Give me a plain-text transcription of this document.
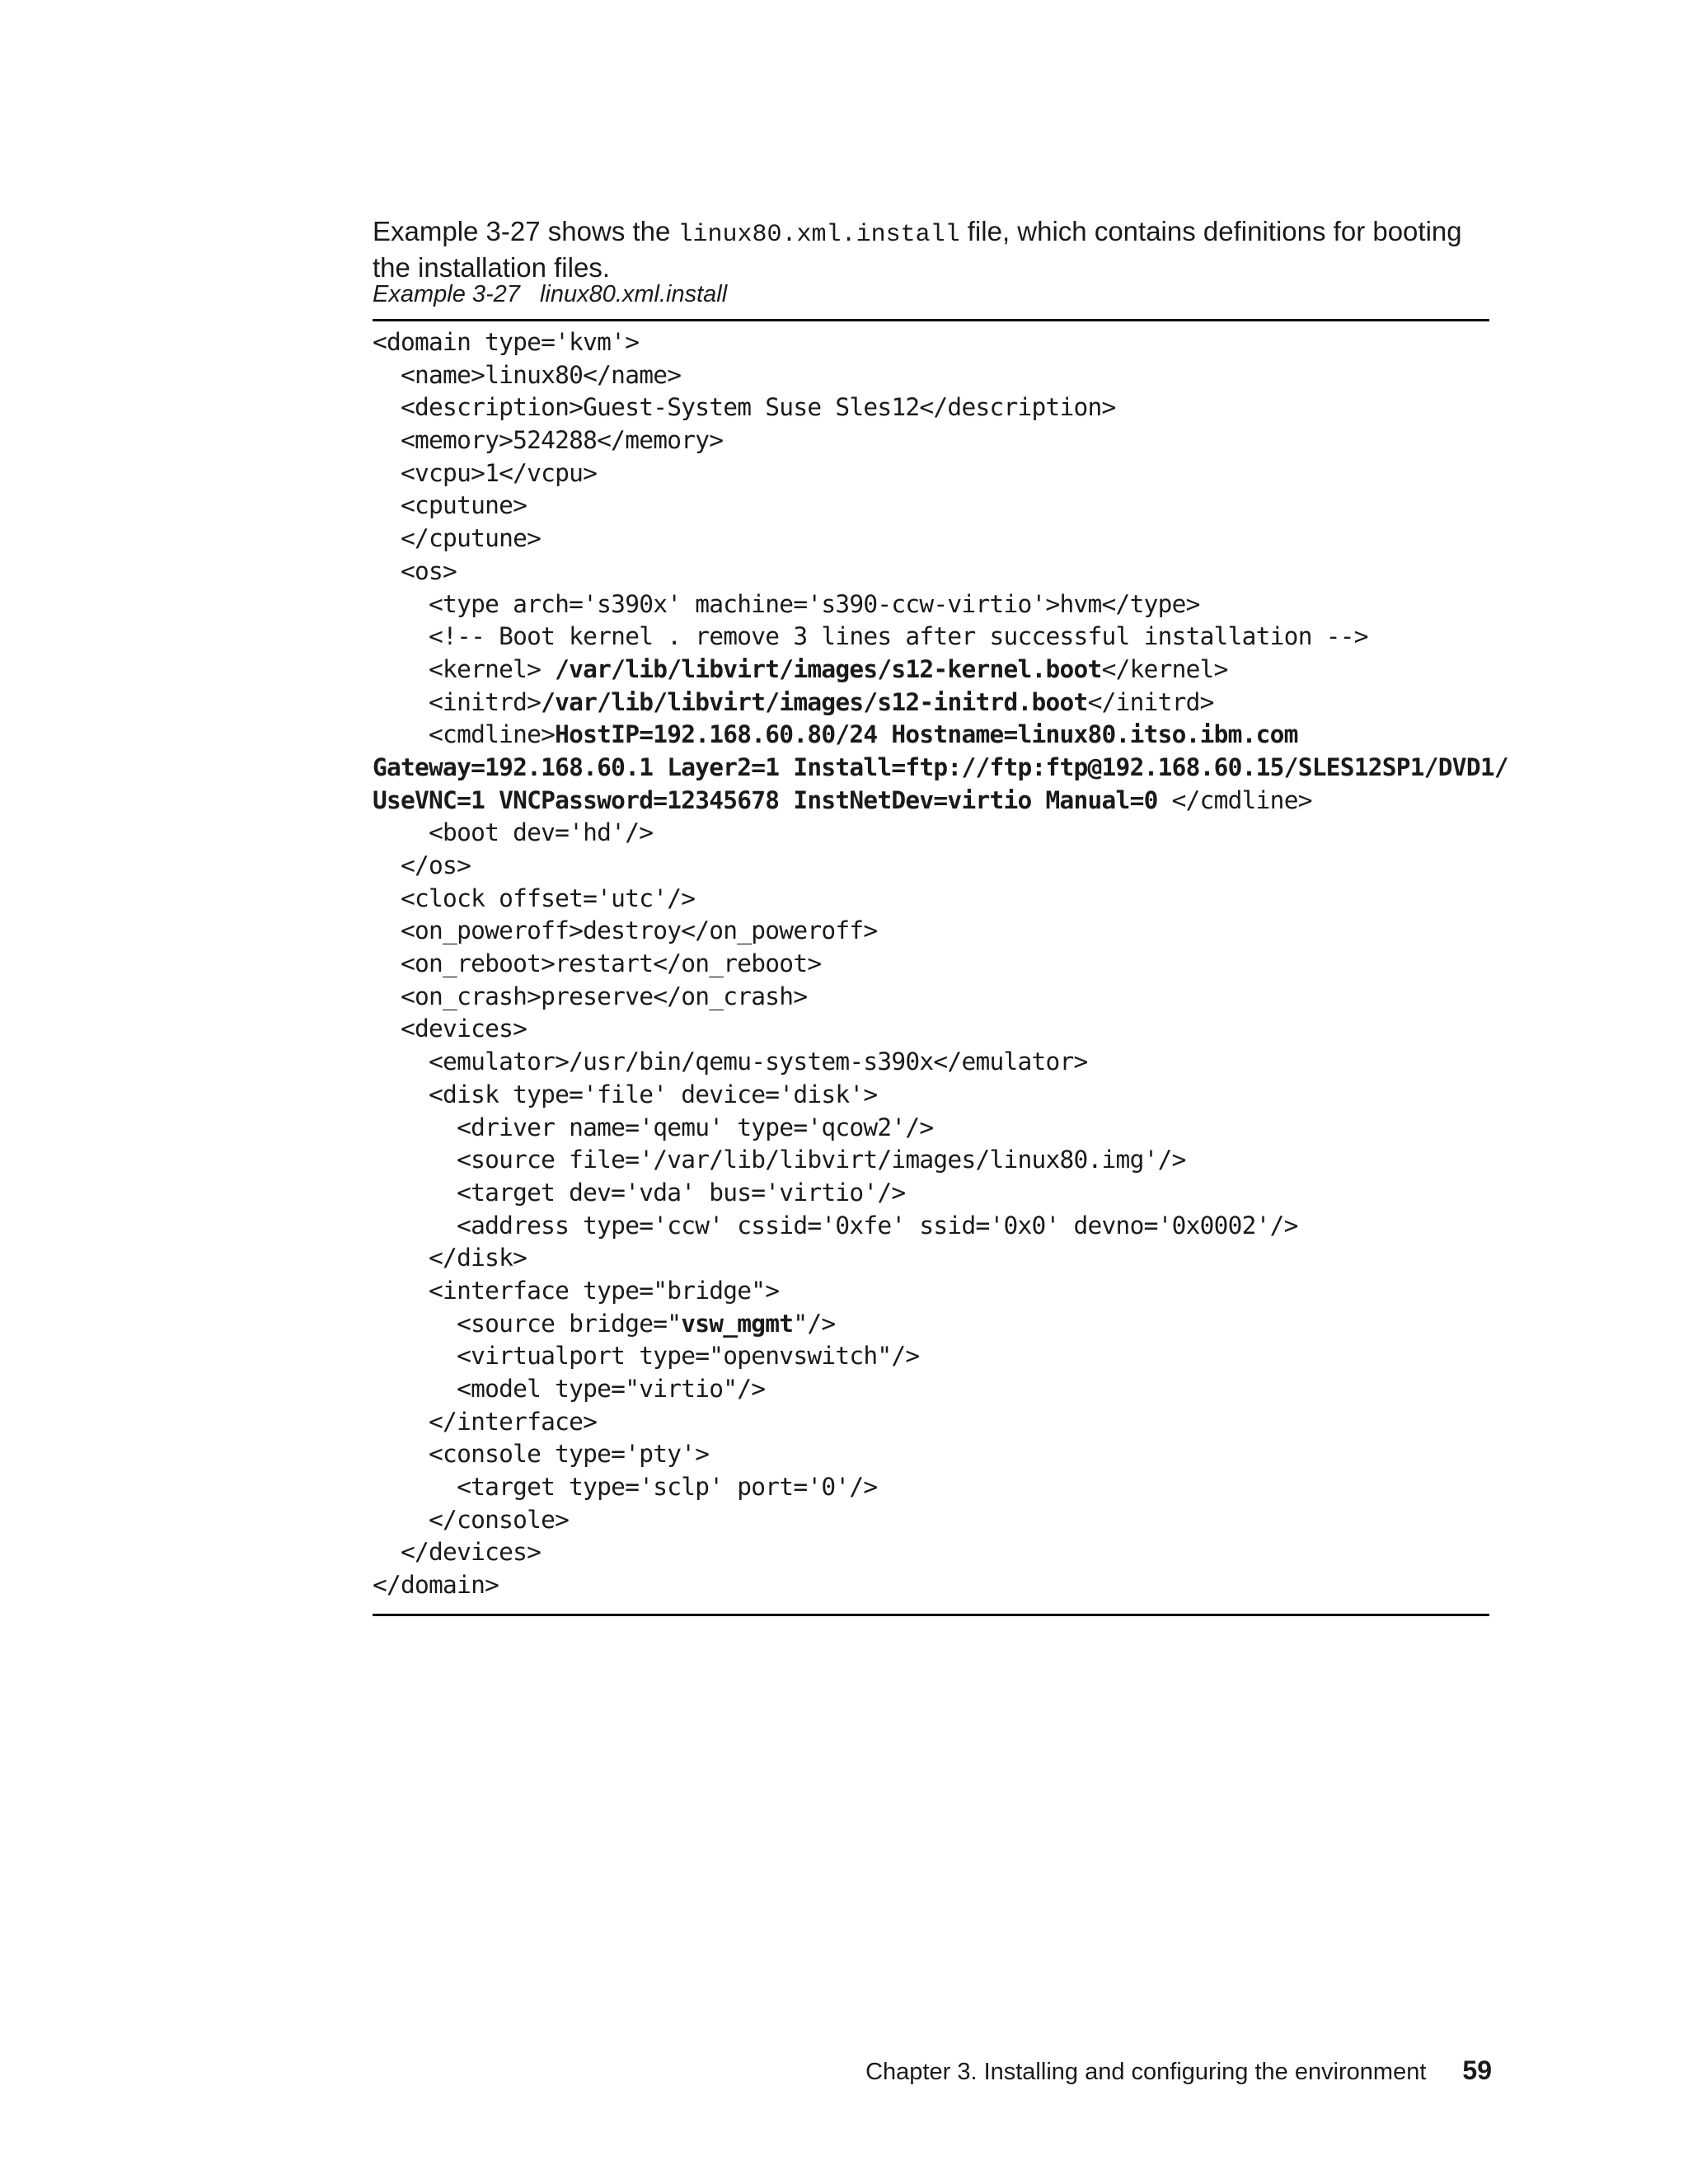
Example 3-27 shows the linux80.xml.install file, which contains definitions for booting the installation files.

Example 3-27 linux80.xml.install
<domain type='kvm'>
<name>linux80</name>
<description>Guest-System Suse Sles12</description>
<memory>524288</memory>
<vcpu>1</vcpu>
<cputune>
</cputune>
<os>
<type arch='s390x' machine='s390-ccw-virtio'>hvm</type>
<!-- Boot kernel . remove 3 lines after successful installation -->
<kernel> /var/lib/libvirt/images/s12-kernel.boot</kernel>
<initrd>/var/lib/libvirt/images/s12-initrd.boot</initrd>
<cmdline>HostIP=192.168.60.80/24 Hostname=linux80.itso.ibm.com
Gateway=192.168.60.1 Layer2=1 Install=ftp://ftp:ftp@192.168.60.15/SLES12SP1/DVD1/
UseVNC=1 VNCPassword=12345678 InstNetDev=virtio Manual=0 </cmdline>
<boot dev='hd'/>
</os>
<clock offset='utc'/>
<on_poweroff>destroy</on_poweroff>
<on_reboot>restart</on_reboot>
<on_crash>preserve</on_crash>
<devices>
<emulator>/usr/bin/qemu-system-s390x</emulator>
<disk type='file' device='disk'>
<driver name='qemu' type='qcow2'/>
<source file='/var/lib/libvirt/images/linux80.img'/>
<target dev='vda' bus='virtio'/>
<address type='ccw' cssid='0xfe' ssid='0x0' devno='0x0002'/>
</disk>
<interface type="bridge">
<source bridge="vsw_mgmt"/>
<virtualport type="openvswitch"/>
<model type="virtio"/>
</interface>
<console type='pty'>
<target type='sclp' port='0'/>
</console>
</devices>
</domain>
Chapter 3. Installing and configuring the environment 59
